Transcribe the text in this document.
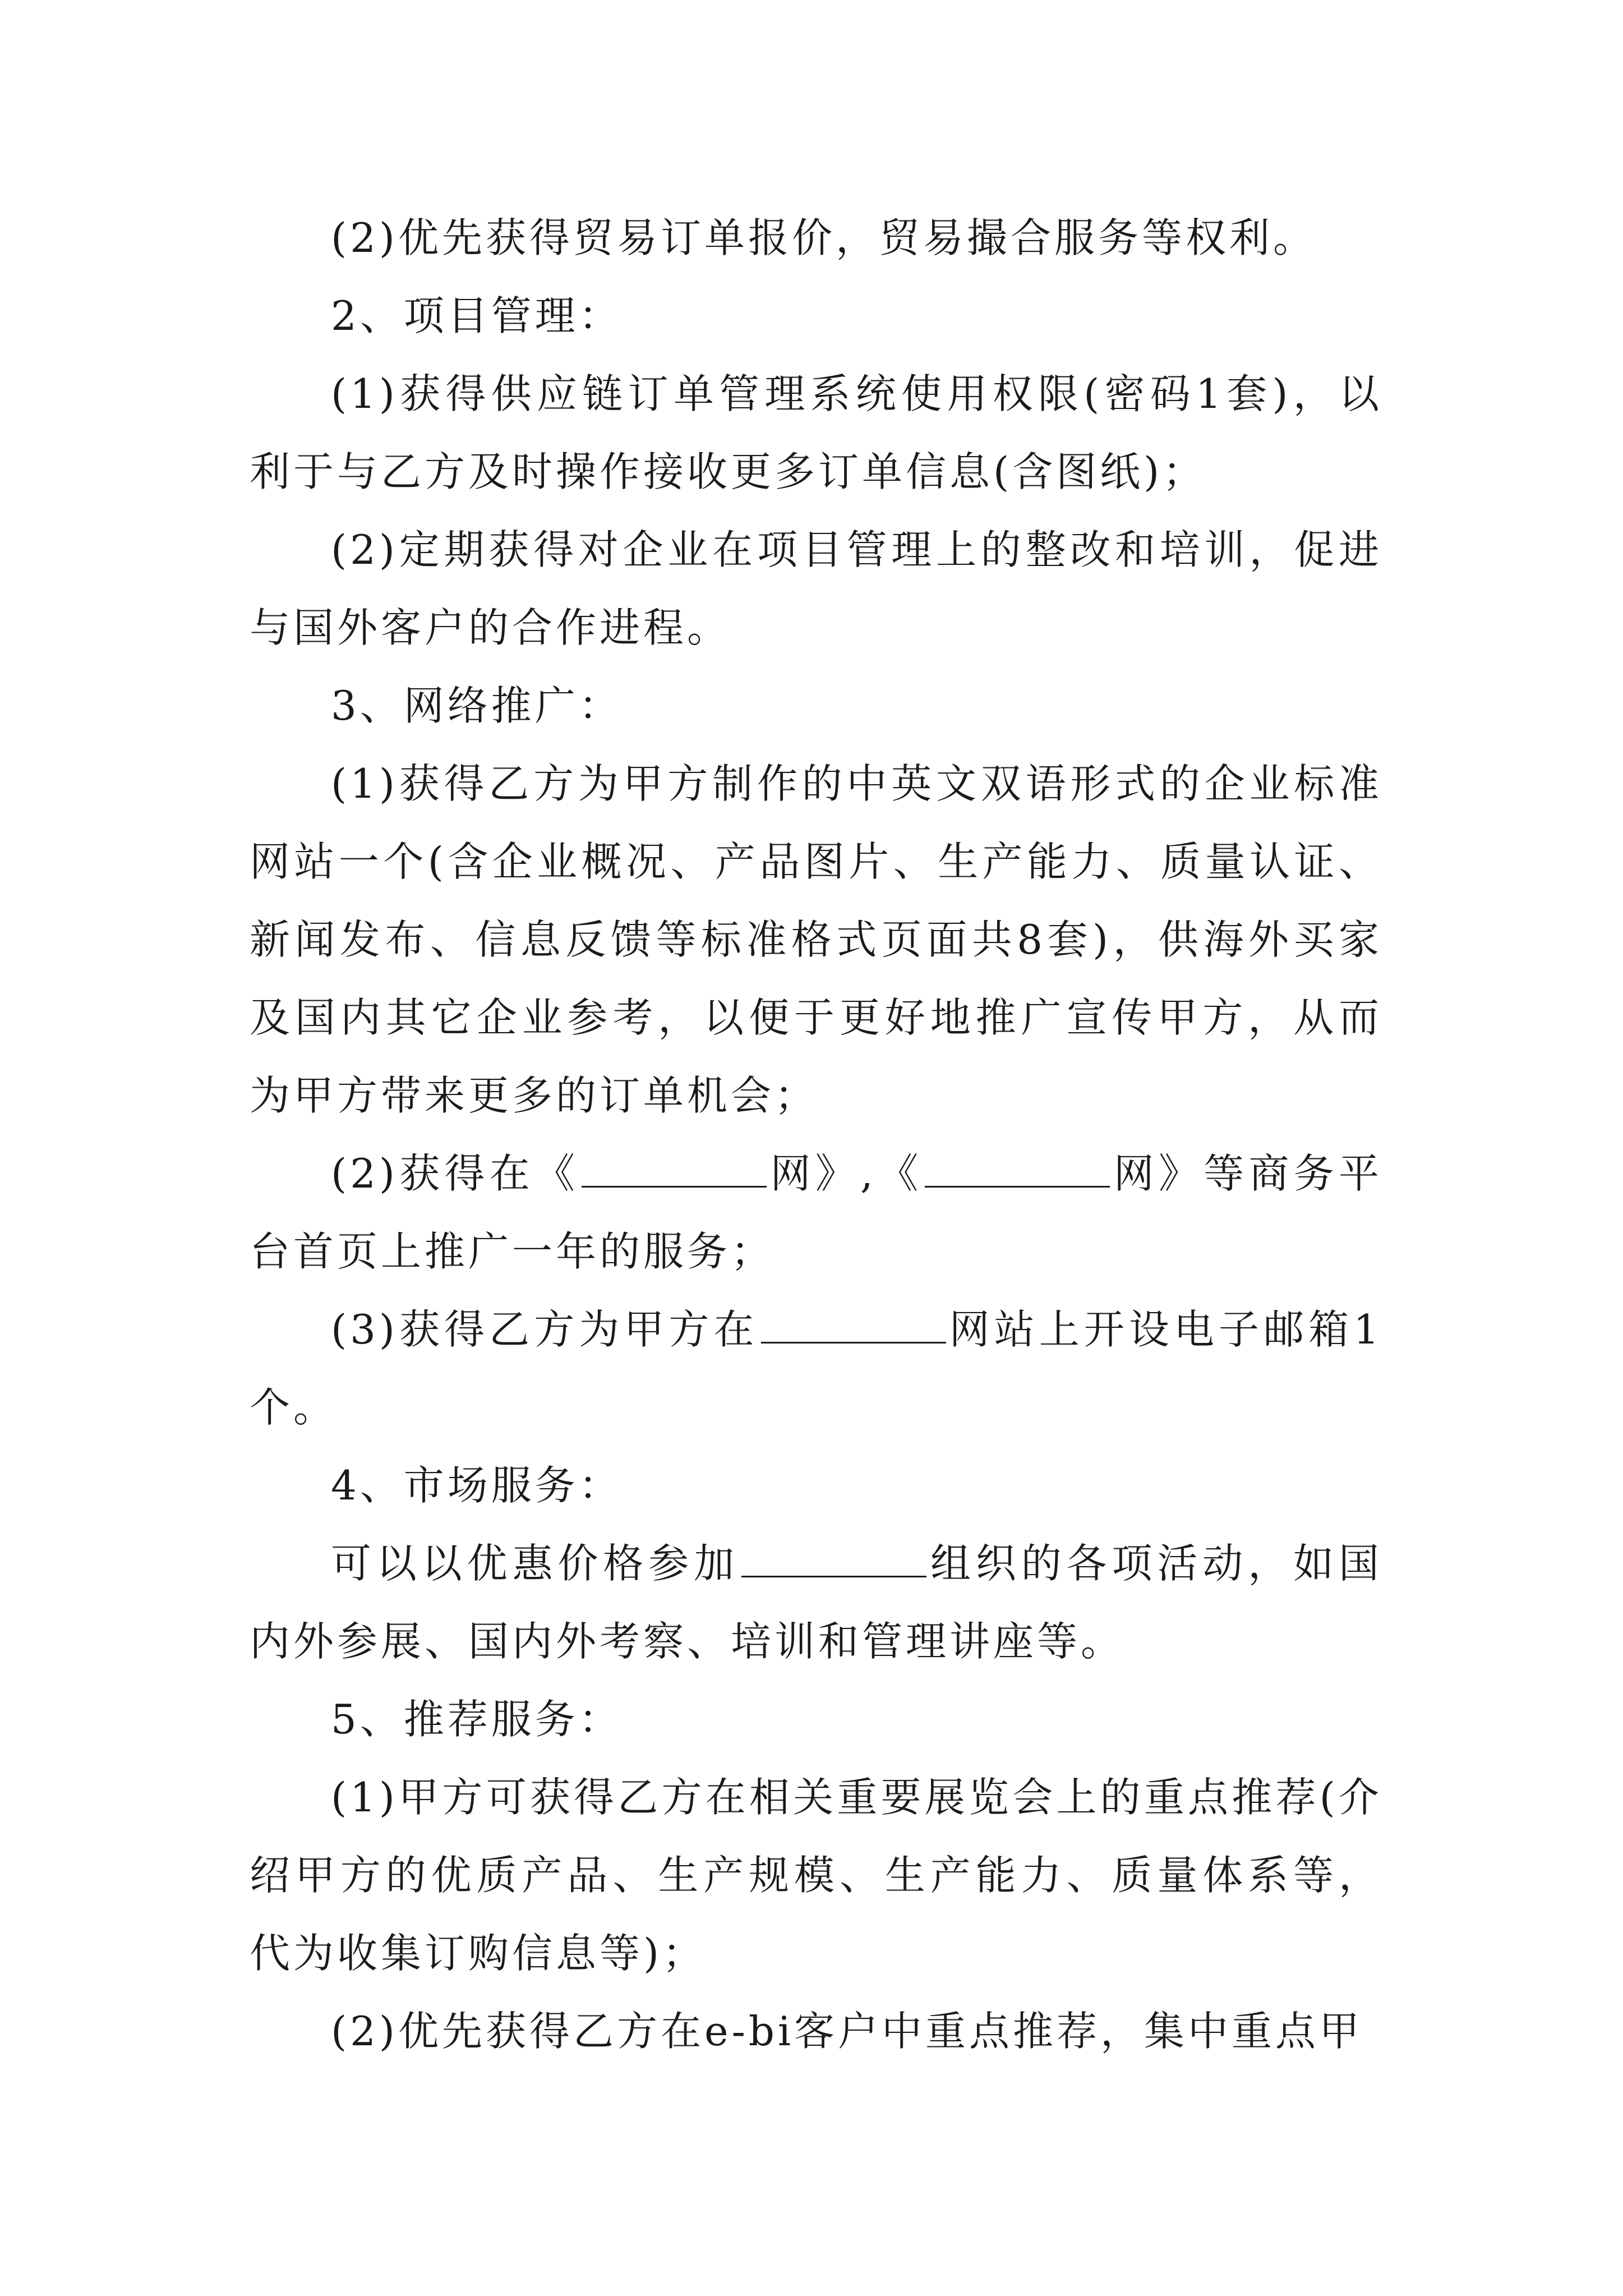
(2)优先获得贸易订单报价，贸易撮合服务等权利。

2、项目管理：

(1)获得供应链订单管理系统使用权限(密码1套)，以利于与乙方及时操作接收更多订单信息(含图纸)；

(2)定期获得对企业在项目管理上的整改和培训，促进与国外客户的合作进程。

3、网络推广：

(1)获得乙方为甲方制作的中英文双语形式的企业标准网站一个(含企业概况、产品图片、生产能力、质量认证、新闻发布、信息反馈等标准格式页面共8套)，供海外买家及国内其它企业参考，以便于更好地推广宣传甲方，从而为甲方带来更多的订单机会；

(2)获得在《	网》,《	网》等商务平台首页上推广一年的服务；

(3)获得乙方为甲方在	网站上开设电子邮箱1个。

4、市场服务：

可以以优惠价格参加	组织的各项活动，如国内外参展、国内外考察、培训和管理讲座等。

5、推荐服务：

(1)甲方可获得乙方在相关重要展览会上的重点推荐(介绍甲方的优质产品、生产规模、生产能力、质量体系等，代为收集订购信息等)；

(2)优先获得乙方在e-bi客户中重点推荐，集中重点甲
